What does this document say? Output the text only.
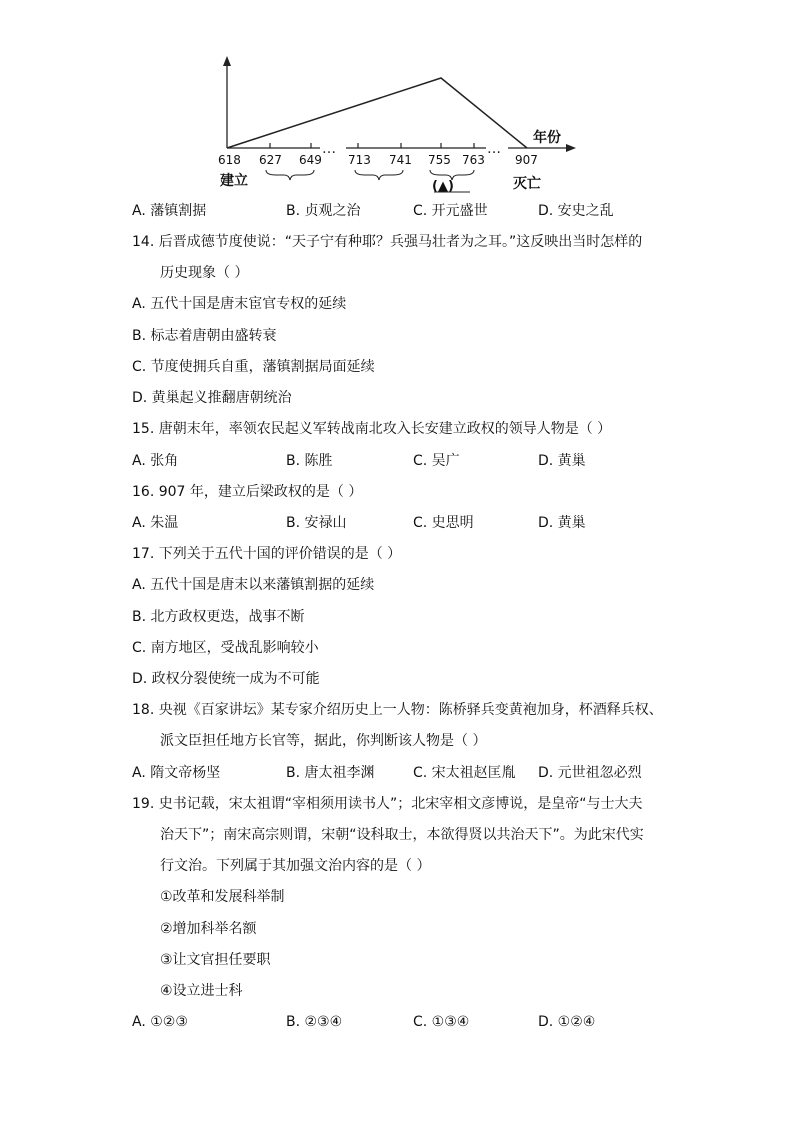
…	…
年份
618 627 649 713 741 755 763	907
(▲)
建立	灭亡
A. 藩镇割据	B. 贞观之治	C. 开元盛世	D. 安史之乱
14. 后晋成德节度使说：“天子宁有种耶？兵强马壮者为之耳。”这反映出当时怎样的
历史现象（ ）
A. 五代十国是唐末宦官专权的延续
B. 标志着唐朝由盛转衰
C. 节度使拥兵自重，藩镇割据局面延续
D. 黄巢起义推翻唐朝统治
15. 唐朝末年，率领农民起义军转战南北攻入长安建立政权的领导人物是（ ）
A. 张角	B. 陈胜	C. 吴广	D. 黄巢
16. 907 年，建立后梁政权的是（ ）
A. 朱温	B. 安禄山	C. 史思明	D. 黄巢
17. 下列关于五代十国的评价错误的是（ ）
A. 五代十国是唐末以来藩镇割据的延续
B. 北方政权更迭，战事不断
C. 南方地区，受战乱影响较小
D. 政权分裂使统一成为不可能
18. 央视《百家讲坛》某专家介绍历史上一人物：陈桥驿兵变黄袍加身，杯酒释兵权、
派文臣担任地方长官等，据此，你判断该人物是（ ）
A. 隋文帝杨坚	B. 唐太祖李渊	C. 宋太祖赵匡胤 D. 元世祖忽必烈
19. 史书记载，宋太祖谓“宰相须用读书人”；北宋宰相文彦博说，是皇帝“与士大夫
治天下”；南宋高宗则谓，宋朝“设科取士，本欲得贤以共治天下”。为此宋代实
行文治。下列属于其加强文治内容的是（ ）
①改革和发展科举制
②增加科举名额
③让文官担任要职
④设立进士科
A. ①②③	B. ②③④	C. ①③④	D. ①②④
